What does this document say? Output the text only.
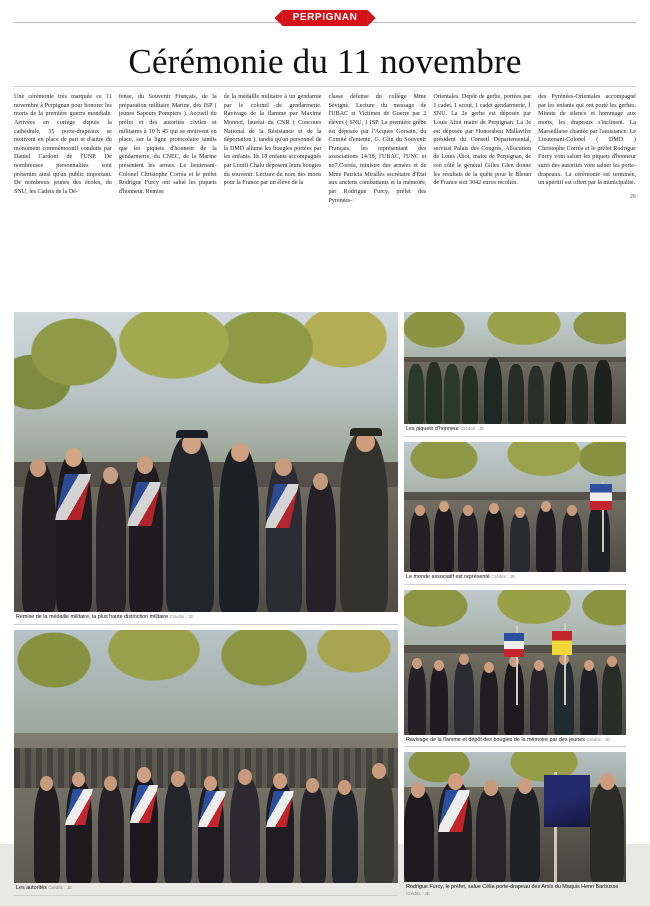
PERPIGNAN
Cérémonie du 11 novembre

Une cérémonie très marquée ce 11 novembre à Perpignan pour honorer les morts de la première guerre mondiale. Arrivées en cortège depuis la cathédrale, 35 porte-drapeaux se motivent en place de part et d'autre du monument commémoratif conduits par Daniel Cardoni de l'UNP. De nombreuses personnalités sont présentes ainsi qu'un public important. De nombreux jeunes des écoles, du SNU, les Cadets de la Dé-

fense, du Souvenir Français, de la préparation militaire Marine, des ISP ( jeunes Sapeurs Pompiers ). Accueil du préfet et des autorités civiles et militaires à 10 h 45 qui se motivent en place, sur la ligne protocolaire tandis que les piquets d'honneur de la gendarmerie, du CNEC, de la Marine présentent les armes. Le lieutenant-Colonel Christophe Corréa et le préfet Rodrigue Furcy ont salué les piquets d'honneur. Remise

de la médaille militaire à un gendarme par le colonel de gendarmerie. Ravivage de la flamme par Maxime Monnot, lauréat du CNR ( Concours National de la Résistance et de la déportation ), tandis qu'un personnel de la DMD allume les bougies portées par les enfants. Ils 18 enfants accompagnés par Loutfi Chalu déposent leurs bougies du souvenir. Lecture du nom des morts pour la France par un élève de la

classe défense du collège Mme Sévigné. Lecture du message de l'UBAC et Victimes de Guerre par 2 élèves ( SNU, 1 ISP. La première grêbe est déposée par l'Acques Gorsain, du Comité d'entente, G. Glin du Souvenir Français, les représentant des associations 14/18, l'UBAC, l'UNC et no7.Corréa, ministre des armées et de Mme Patricia Mirallès secrétaire d'État aux anciens combattants et la mémoire, par Rodrigue Furcy, préfet des Pyrénées-

Orientales. Dépôt de gerbe, portées par 1 cadet, 1 scout, 1 cadet gendarmerie, 1 SNU. La 2e gerbe est déposée par Louis Aliot maire de Perpignan. La 3e est déposée par Honorabeu Mallavilre président du Conseil Départemental, servissi Palais des Congrès, Allocution de Louis Aliot, maire de Perpignan, de son côté le général Gilles Glen donne les résultats de la quête pour le Bleuet de France soit 3042 euros récoltés.

des Pyrénées-Orientales accompagné par les enfants qui ont porté les gerbes. Minute de silence et hommage aux morts, les drapeaux s'inclinent. La Marseillaise chantée par l'assistance. Le Lieutenant-Colonel ( DMD ) Christophe Corréa et le préfet Rodrigue Furcy vont saluer les piquets d'honneur suivi des autorités vont saluer les porte-drapeaux. La cérémonie est terminée, un apéritif est offert par la municipalité.

26
Remise de la médaille militaire, la plus haute distinction militaire Crédits : JE
Les autorités Crédits : JE
Les piquets d'honneur Crédits : JE
Le monde associatif est représenté Crédits : JE
Ravivage de la flamme et dépôt des bougies de la mémoire par des jeunes Crédits : JE
Rodrigue Furcy, le préfet, salue Célia porte-drapeau des Amis du Maquis Henri Barbusse Crédits : JE
